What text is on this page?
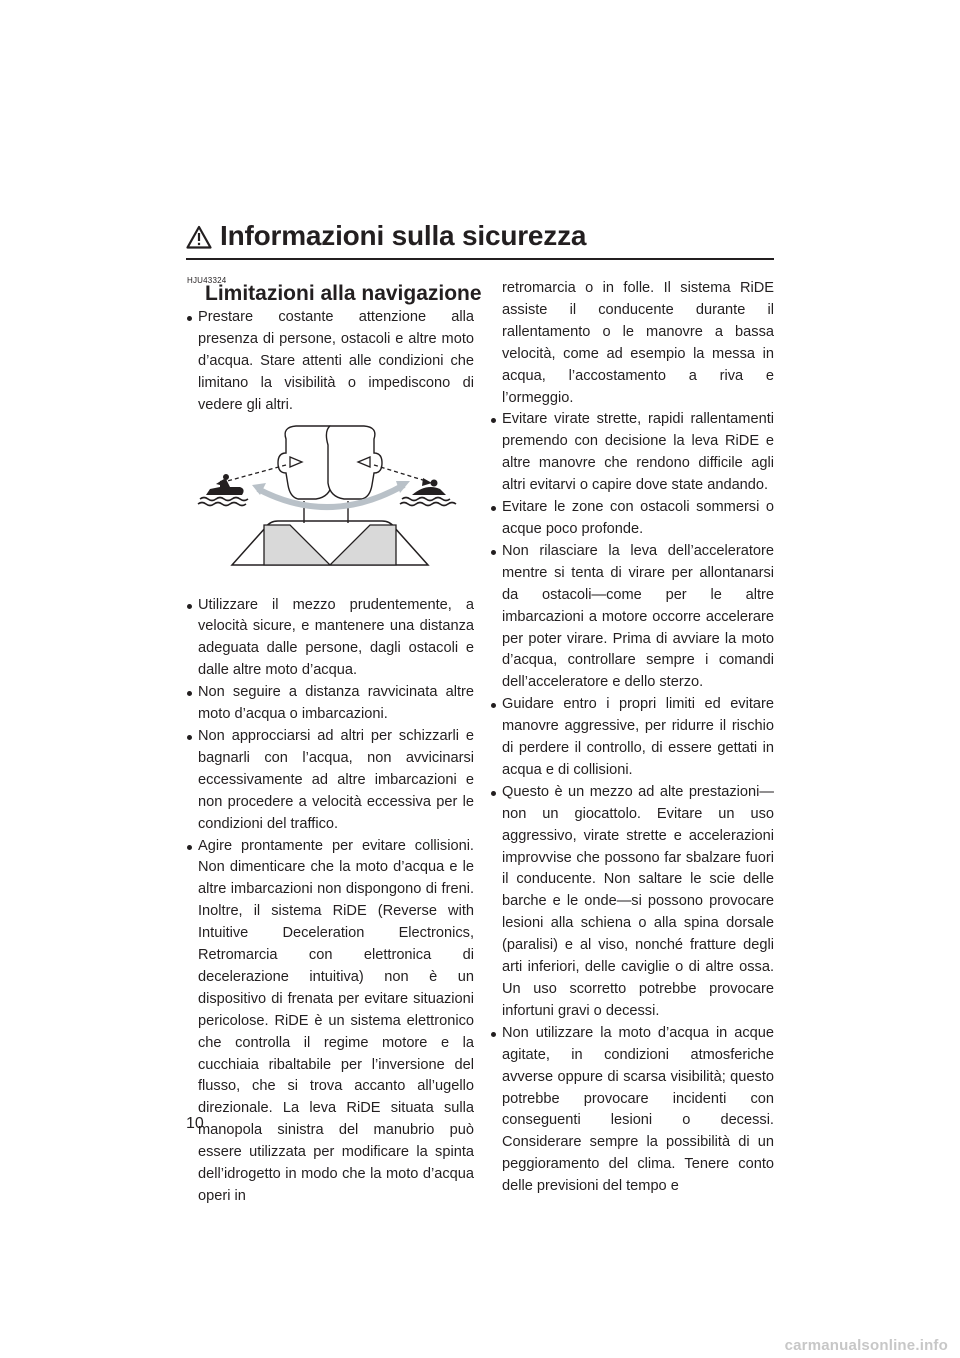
Informazioni sulla sicurezza
HJU43324
Limitazioni alla navigazione
Prestare costante attenzione alla presenza di persone, ostacoli e altre moto d’acqua. Stare attenti alle condizioni che limitano la visibilità o impediscono di vedere gli altri.
Utilizzare il mezzo prudentemente, a velocità sicure, e mantenere una distanza adeguata dalle persone, dagli ostacoli e dalle altre moto d’acqua.
Non seguire a distanza ravvicinata altre moto d’acqua o imbarcazioni.
Non approcciarsi ad altri per schizzarli e bagnarli con l’acqua, non avvicinarsi eccessivamente ad altre imbarcazioni e non procedere a velocità eccessiva per le condizioni del traffico.
Agire prontamente per evitare collisioni. Non dimenticare che la moto d’acqua e le altre imbarcazioni non dispongono di freni. Inoltre, il sistema RiDE (Reverse with Intuitive Deceleration Electronics, Retromarcia con elettronica di decelerazione intuitiva) non è un dispositivo di frenata per evitare situazioni pericolose. RiDE è un sistema elettronico che controlla il regime motore e la cucchiaia ribaltabile per l’inversione del flusso, che si trova accanto all’ugello direzionale. La leva RiDE situata sulla manopola sinistra del manubrio può essere utilizzata per modificare la spinta dell’idrogetto in modo che la moto d’acqua operi in

retromarcia o in folle. Il sistema RiDE assiste il conducente durante il rallentamento o le manovre a bassa velocità, come ad esempio la messa in acqua, l’accostamento a riva e l’ormeggio.

Evitare virate strette, rapidi rallentamenti premendo con decisione la leva RiDE e altre manovre che rendono difficile agli altri evitarvi o capire dove state andando.
Evitare le zone con ostacoli sommersi o acque poco profonde.
Non rilasciare la leva dell’acceleratore mentre si tenta di virare per allontanarsi da ostacoli—come per le altre imbarcazioni a motore occorre accelerare per poter virare. Prima di avviare la moto d’acqua, controllare sempre i comandi dell’acceleratore e dello sterzo.
Guidare entro i propri limiti ed evitare manovre aggressive, per ridurre il rischio di perdere il controllo, di essere gettati in acqua e di collisioni.
Questo è un mezzo ad alte prestazioni—non un giocattolo. Evitare un uso aggressivo, virate strette e accelerazioni improvvise che possono far sbalzare fuori il conducente. Non saltare le scie delle barche e le onde—si possono provocare lesioni alla schiena o alla spina dorsale (paralisi) e al viso, nonché fratture degli arti inferiori, delle caviglie o di altre ossa. Un uso scorretto potrebbe provocare infortuni gravi o decessi.
Non utilizzare la moto d’acqua in acque agitate, in condizioni atmosferiche avverse oppure di scarsa visibilità; questo potrebbe provocare incidenti con conseguenti lesioni o decessi. Considerare sempre la possibilità di un peggioramento del clima. Tenere conto delle previsioni del tempo e
10
carmanualsonline.info
